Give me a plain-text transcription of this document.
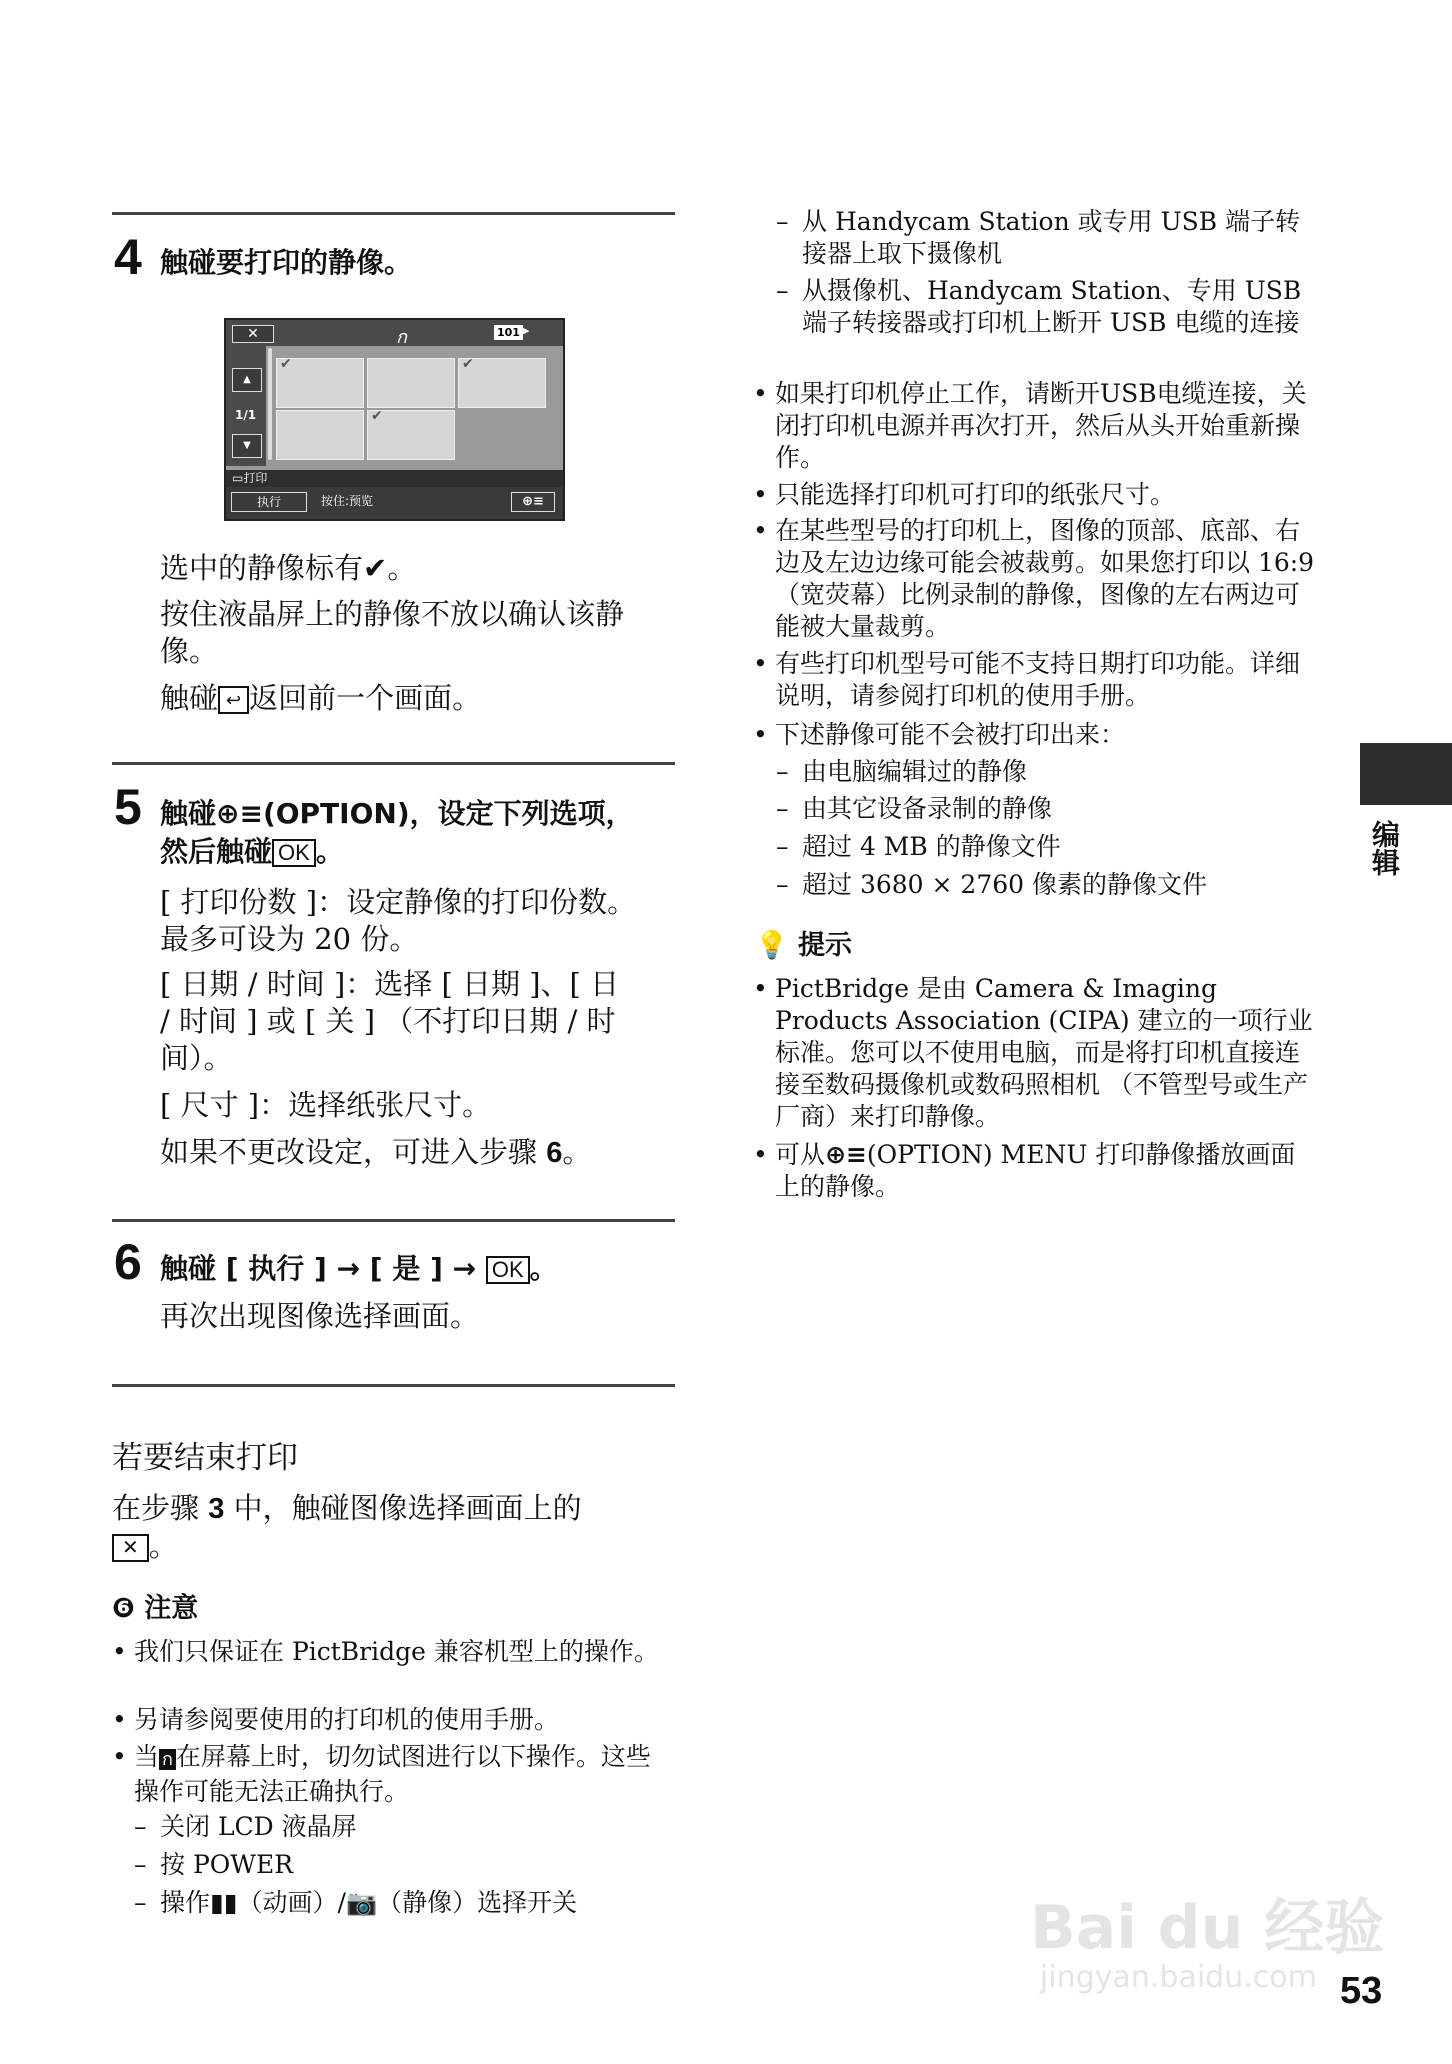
4 触碰要打印的静像。
✕	ก	101 ▶
▲
1/1
▼
✔	✔
✔
▭打印
执行	按住:预览	⊕≡
选中的静像标有✔。
按住液晶屏上的静像不放以确认该静像。
触碰 ↩ 返回前一个画面。
5 触碰⊕≡(OPTION)，设定下列选项，
然后触碰 OK 。
[ 打印份数 ]：设定静像的打印份数。最多可设为 20 份。
[ 日期 / 时间 ]：选择 [ 日期 ]、[ 日 / 时间 ] 或 [ 关 ] （不打印日期 / 时间）。
[ 尺寸 ]：选择纸张尺寸。
如果不更改设定，可进入步骤 6。
6 触碰 [ 执行 ] → [ 是 ] → OK 。
再次出现图像选择画面。
若要结束打印
在步骤 3 中，触碰图像选择画面上的
✕ 。
❻ 注意
• 我们只保证在 PictBridge 兼容机型上的操作。
• 另请参阅要使用的打印机的使用手册。
• 当 ก 在屏幕上时，切勿试图进行以下操作。这些操作可能无法正确执行。
– 关闭 LCD 液晶屏
– 按 POWER
– 操作▮▮（动画）/📷（静像）选择开关
– 从 Handycam Station 或专用 USB 端子转接器上取下摄像机
– 从摄像机、Handycam Station、专用 USB 端子转接器或打印机上断开 USB 电缆的连接
• 如果打印机停止工作，请断开USB电缆连接，关闭打印机电源并再次打开，然后从头开始重新操作。
• 只能选择打印机可打印的纸张尺寸。
• 在某些型号的打印机上，图像的顶部、底部、右边及左边边缘可能会被裁剪。如果您打印以 16:9 （宽荧幕）比例录制的静像，图像的左右两边可能被大量裁剪。
• 有些打印机型号可能不支持日期打印功能。详细说明，请参阅打印机的使用手册。
• 下述静像可能不会被打印出来：
– 由电脑编辑过的静像
– 由其它设备录制的静像
– 超过 4 MB 的静像文件
– 超过 3680 × 2760 像素的静像文件
💡 提示
• PictBridge 是由 Camera & Imaging Products Association (CIPA) 建立的一项行业标准。您可以不使用电脑，而是将打印机直接连接至数码摄像机或数码照相机 （不管型号或生产厂商）来打印静像。
• 可从⊕≡(OPTION) MENU 打印静像播放画面上的静像。
编辑
Bai du 经验
jingyan.baidu.com 53
